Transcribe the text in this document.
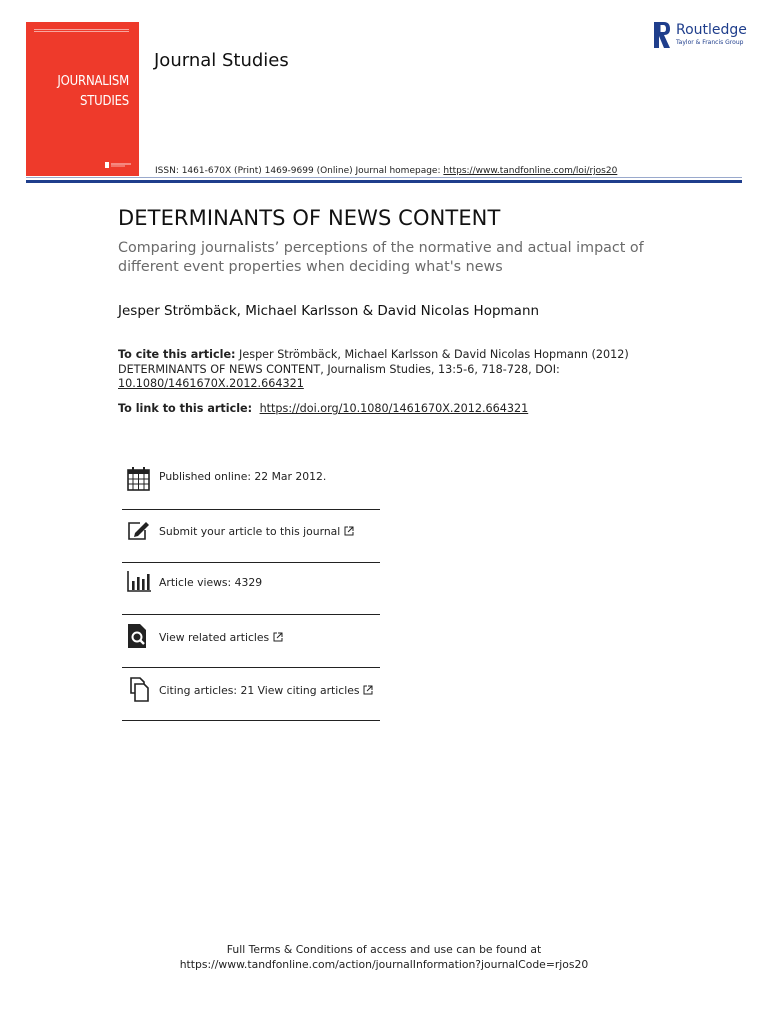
JOURNALISM
STUDIES
Journal Studies
Routledge
Taylor & Francis Group
ISSN: 1461-670X (Print) 1469-9699 (Online) Journal homepage: https://www.tandfonline.com/loi/rjos20
DETERMINANTS OF NEWS CONTENT
Comparing journalists’ perceptions of the normative and actual impact of different event properties when deciding what's news
Jesper Strömbäck, Michael Karlsson & David Nicolas Hopmann
To cite this article: Jesper Strömbäck, Michael Karlsson & David Nicolas Hopmann (2012) DETERMINANTS OF NEWS CONTENT, Journalism Studies, 13:5-6, 718-728, DOI: 10.1080/1461670X.2012.664321
To link to this article:  https://doi.org/10.1080/1461670X.2012.664321
Published online: 22 Mar 2012.
Submit your article to this journal
Article views: 4329
View related articles
Citing articles: 21 View citing articles
Full Terms & Conditions of access and use can be found at
https://www.tandfonline.com/action/journalInformation?journalCode=rjos20
